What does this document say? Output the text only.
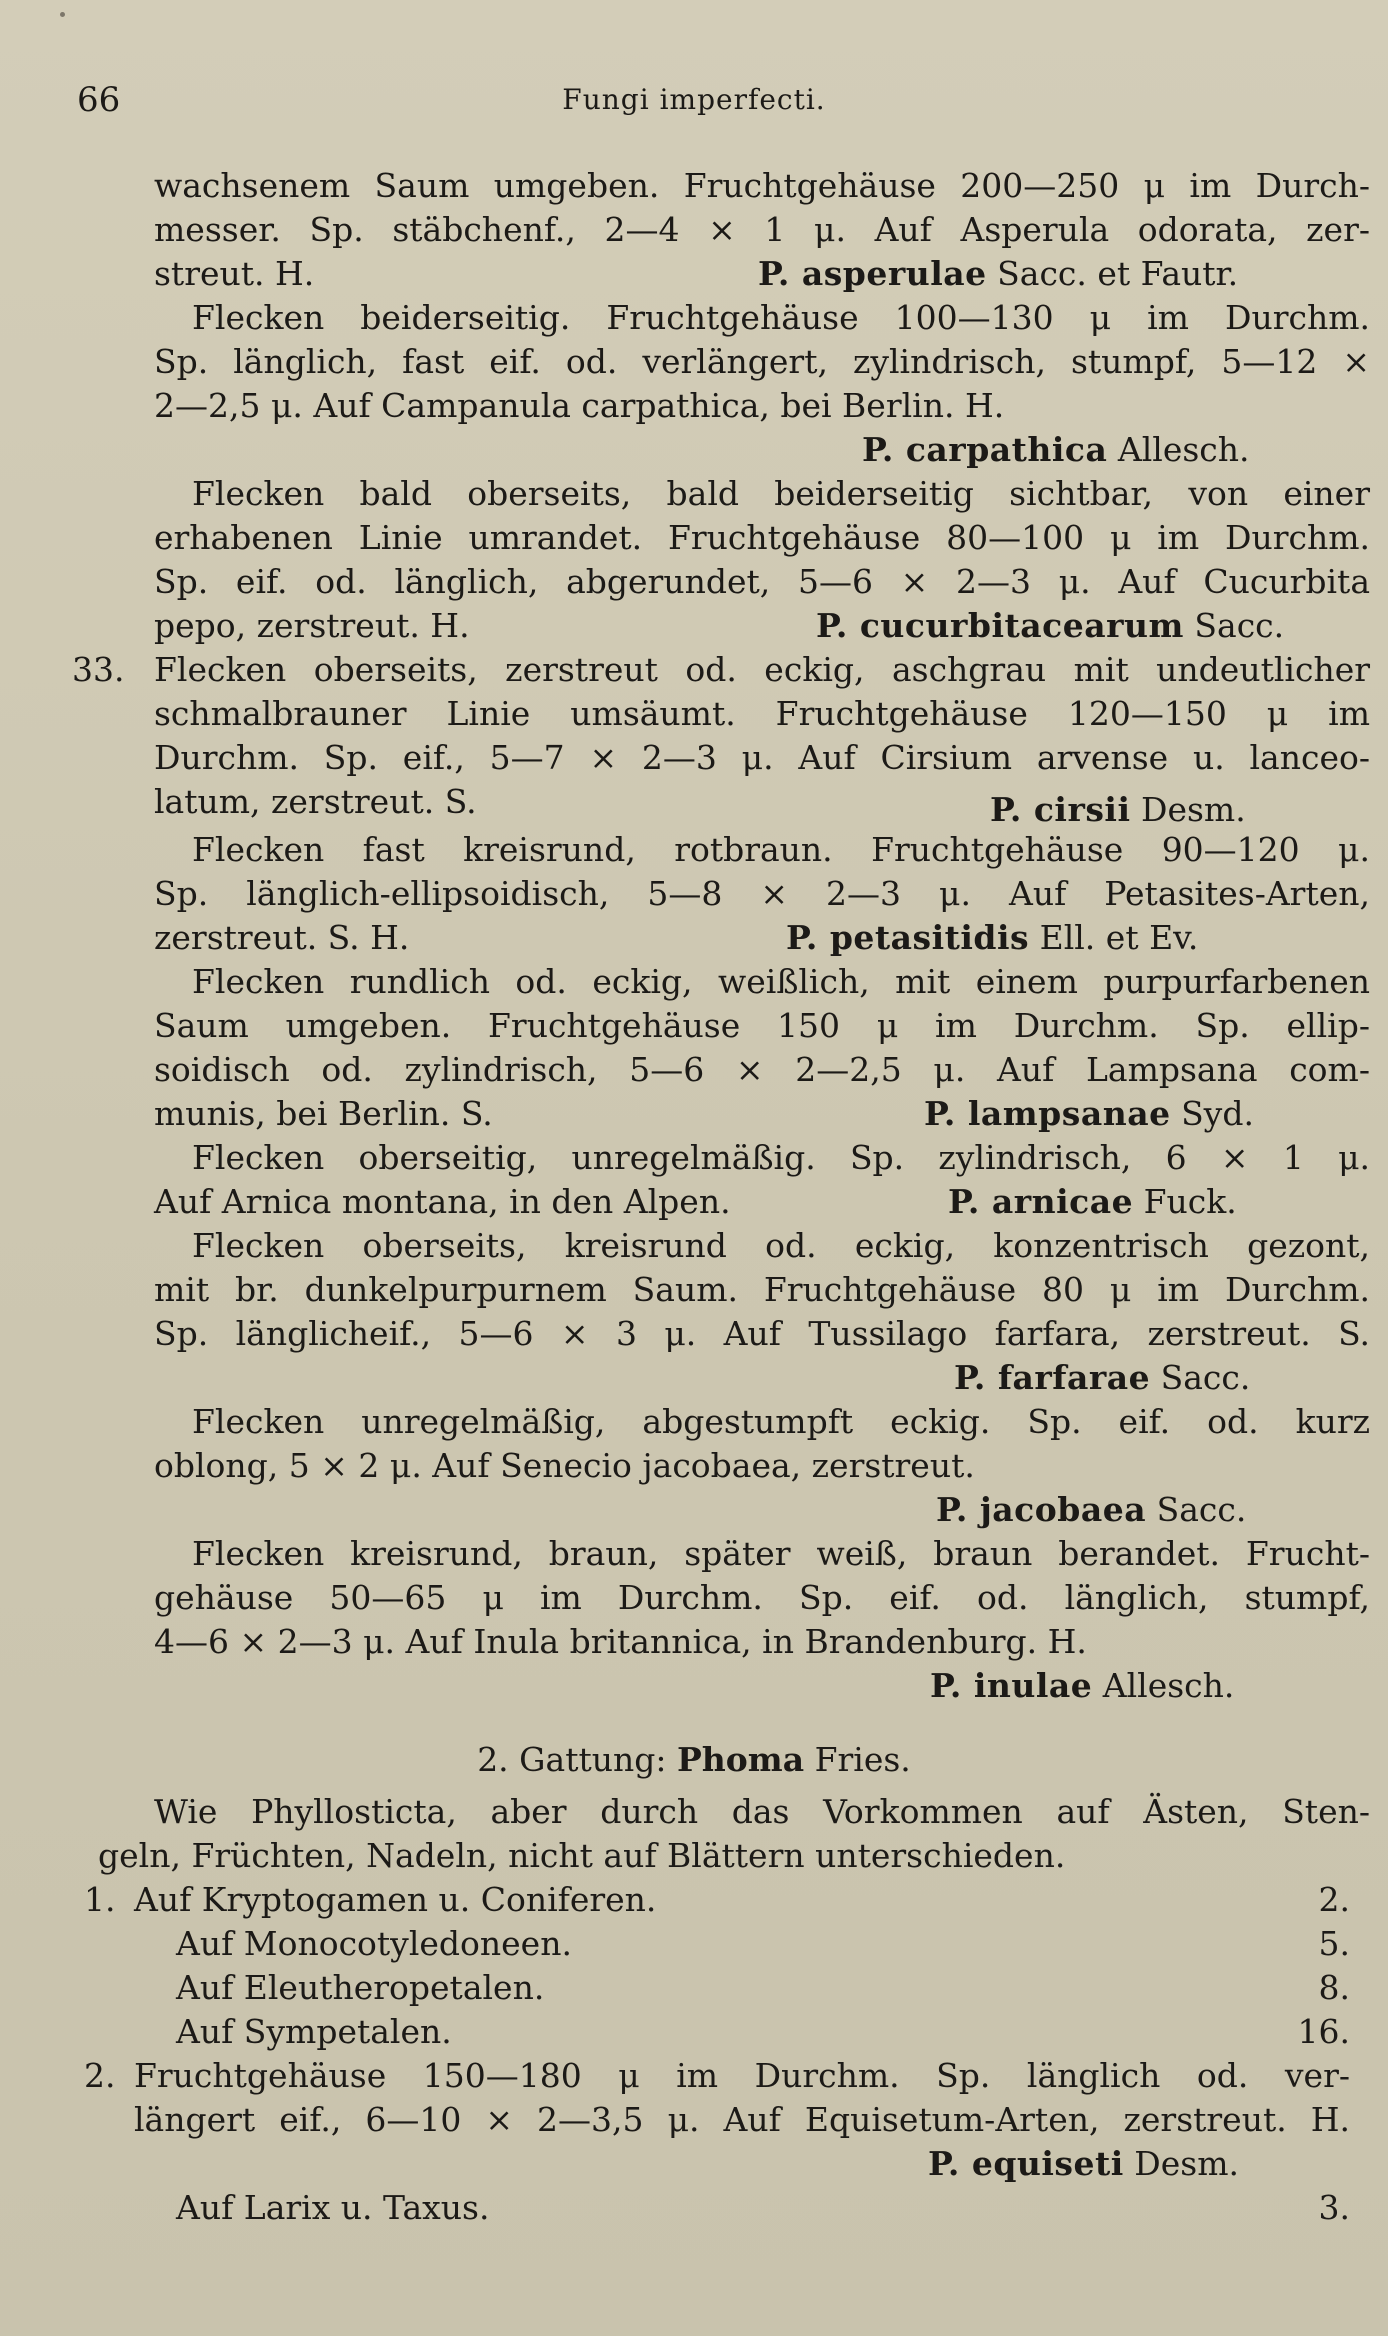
66	Fungi imperfecti.
wachsenem Saum umgeben. Fruchtgehäuse 200—250 μ im Durch-
messer. Sp. stäbchenf., 2—4 × 1 μ. Auf Asperula odorata, zer-
streut. H.	P. asperulae Sacc. et Fautr.
Flecken beiderseitig. Fruchtgehäuse 100—130 μ im Durchm.
Sp. länglich, fast eif. od. verlängert, zylindrisch, stumpf, 5—12 ×
2—2,5 μ. Auf Campanula carpathica, bei Berlin. H.
P. carpathica Allesch.
Flecken bald oberseits, bald beiderseitig sichtbar, von einer
erhabenen Linie umrandet. Fruchtgehäuse 80—100 μ im Durchm.
Sp. eif. od. länglich, abgerundet, 5—6 × 2—3 μ. Auf Cucurbita
pepo, zerstreut. H.	P. cucurbitacearum Sacc.
33. Flecken oberseits, zerstreut od. eckig, aschgrau mit undeutlicher
schmalbrauner Linie umsäumt. Fruchtgehäuse 120—150 μ im
Durchm. Sp. eif., 5—7 × 2—3 μ. Auf Cirsium arvense u. lanceo-
latum, zerstreut. S.	P. cirsii Desm.
Flecken fast kreisrund, rotbraun. Fruchtgehäuse 90—120 μ.
Sp. länglich-ellipsoidisch, 5—8 × 2—3 μ. Auf Petasites-Arten,
zerstreut. S. H.	P. petasitidis Ell. et Ev.
Flecken rundlich od. eckig, weißlich, mit einem purpurfarbenen
Saum umgeben. Fruchtgehäuse 150 μ im Durchm. Sp. ellip-
soidisch od. zylindrisch, 5—6 × 2—2,5 μ. Auf Lampsana com-
munis, bei Berlin. S.	P. lampsanae Syd.
Flecken oberseitig, unregelmäßig. Sp. zylindrisch, 6 × 1 μ.
Auf Arnica montana, in den Alpen.	P. arnicae Fuck.
Flecken oberseits, kreisrund od. eckig, konzentrisch gezont,
mit br. dunkelpurpurnem Saum. Fruchtgehäuse 80 μ im Durchm.
Sp. länglicheif., 5—6 × 3 μ. Auf Tussilago farfara, zerstreut. S.
P. farfarae Sacc.
Flecken unregelmäßig, abgestumpft eckig. Sp. eif. od. kurz
oblong, 5 × 2 μ. Auf Senecio jacobaea, zerstreut.
P. jacobaea Sacc.
Flecken kreisrund, braun, später weiß, braun berandet. Frucht-
gehäuse 50—65 μ im Durchm. Sp. eif. od. länglich, stumpf,
4—6 × 2—3 μ. Auf Inula britannica, in Brandenburg. H.
P. inulae Allesch.
2. Gattung: Phoma Fries.
Wie Phyllosticta, aber durch das Vorkommen auf Ästen, Sten-
geln, Früchten, Nadeln, nicht auf Blättern unterschieden.
1. Auf Kryptogamen u. Coniferen.	2.
Auf Monocotyledoneen.	5.
Auf Eleutheropetalen.	8.
Auf Sympetalen.	16.
2. Fruchtgehäuse 150—180 μ im Durchm. Sp. länglich od. ver-
längert eif., 6—10 × 2—3,5 μ. Auf Equisetum-Arten, zerstreut. H.
P. equiseti Desm.
Auf Larix u. Taxus.	3.
